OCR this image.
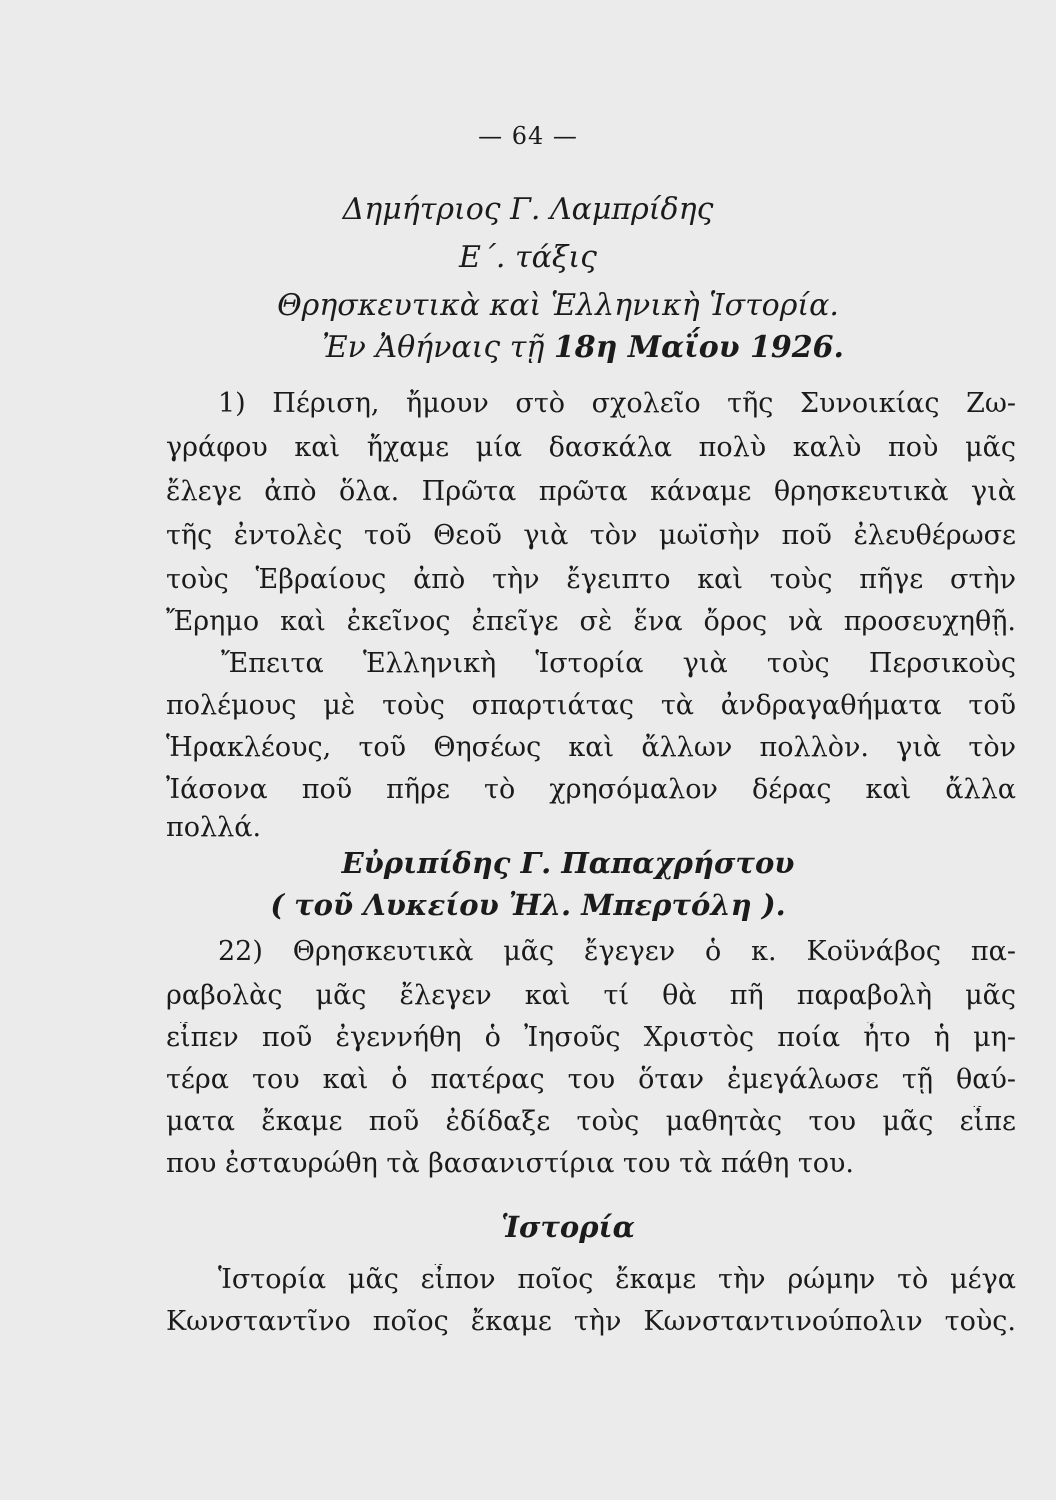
— 64 —
Δημήτριος Γ. Λαμπρίδης
Ε΄. τάξις
Θρησκευτικὰ καὶ Ἑλληνικὴ Ἱστορία.
Ἐν Ἀθήναις τῇ 18η Μαΐου 1926.
1) Πέριση, ἤμουν στὸ σχολεῖο τῆς Συνοικίας Ζω-
γράφου καὶ ἤχαμε μία δασκάλα πολὺ καλὺ ποὺ μᾶς
ἔλεγε ἀπὸ ὅλα. Πρῶτα πρῶτα κάναμε θρησκευτικὰ γιὰ
τῆς ἐντολὲς τοῦ Θεοῦ γιὰ τὸν μωϊσὴν ποῦ ἐλευθέρωσε
τοὺς Ἑβραίους ἀπὸ τὴν ἔγειπτο καὶ τοὺς πῆγε στὴν
Ἔρημο καὶ ἐκεῖνος ἐπεῖγε σὲ ἕνα ὄρος νὰ προσευχηθῇ.
Ἔπειτα Ἑλληνικὴ Ἱστορία γιὰ τοὺς Περσικοὺς
πολέμους μὲ τοὺς σπαρτιάτας τὰ ἀνδραγαθήματα τοῦ
Ἡρακλέους, τοῦ Θησέως καὶ ἄλλων πολλὸν. γιὰ τὸν
Ἰάσονα ποῦ πῆρε τὸ χρησόμαλον δέρας καὶ ἄλλα
πολλά.
Εὐριπίδης Γ. Παπαχρήστου
( τοῦ Λυκείου Ἠλ. Μπερτόλη ).
22) Θρησκευτικὰ μᾶς ἔγεγεν ὁ κ. Κοϋνάβος πα-
ραβολὰς μᾶς ἔλεγεν καὶ τί θὰ πῆ παραβολὴ μᾶς
εἶπεν ποῦ ἐγεννήθη ὁ Ἰησοῦς Χριστὸς ποία ἦτο ἡ μη-
τέρα του καὶ ὁ πατέρας του ὅταν ἐμεγάλωσε τῇ θαύ-
ματα ἔκαμε ποῦ ἐδίδαξε τοὺς μαθητὰς του μᾶς εἶπε
που ἐσταυρώθη τὰ βασανιστίρια του τὰ πάθη του.
Ἱστορία
Ἱστορία μᾶς εἶπον ποῖος ἔκαμε τὴν ρώμην τὸ μέγα
Κωνσταντῖνο ποῖος ἔκαμε τὴν Κωνσταντινούπολιν τοὺς.
